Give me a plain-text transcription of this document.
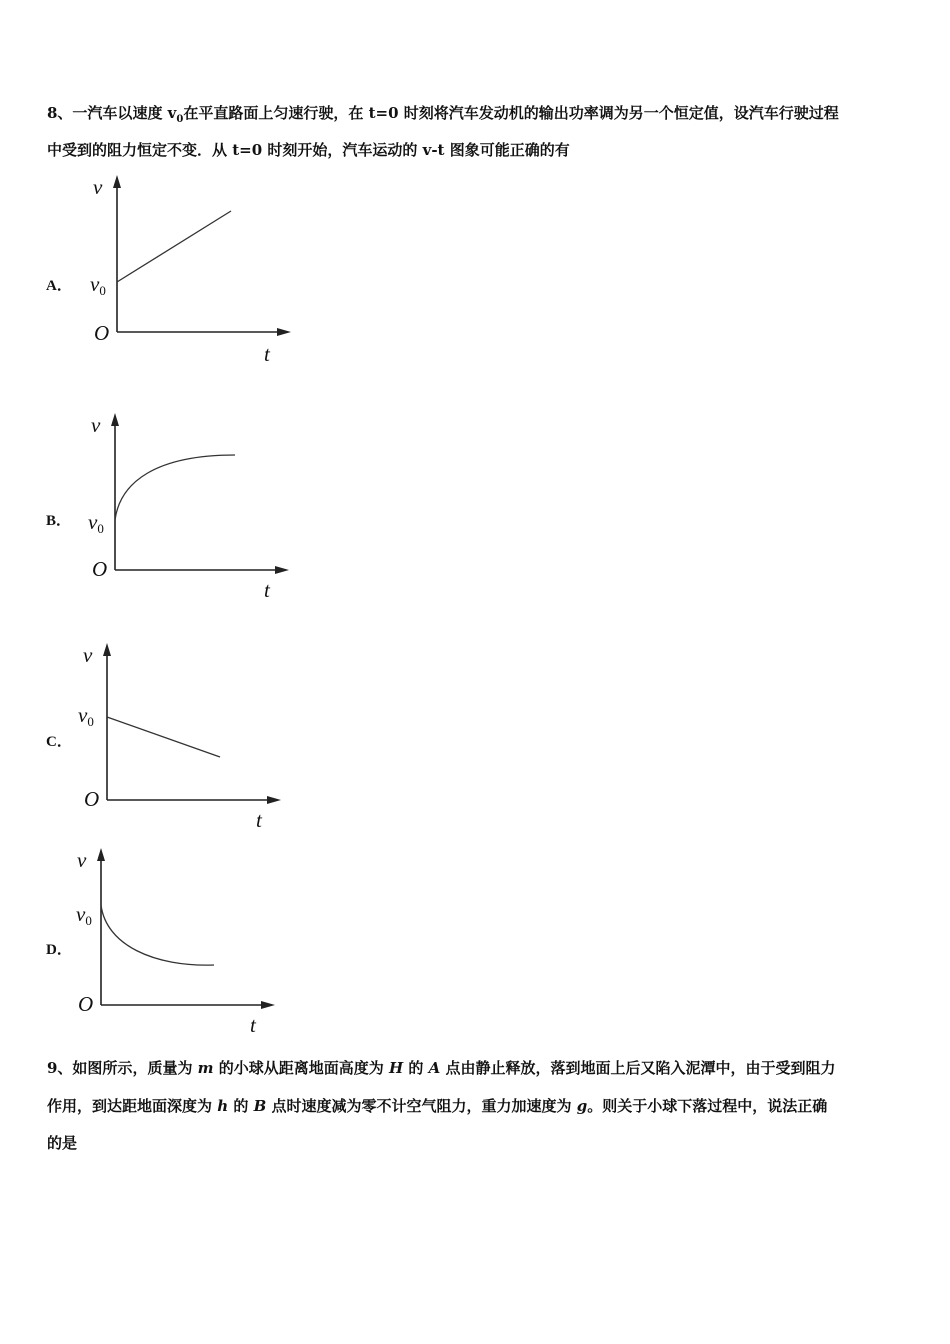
8、一汽车以速度 $v_0$在平直路面上匀速行驶，在 t=0 时刻将汽车发动机的输出功率调为另一个恒定值，设汽车行驶过程
中受到的阻力恒定不变．从 t=0 时刻开始，汽车运动的 v-t 图象可能正确的有
A．
v
v0
O
t
B．
v
v0
O
t
C．
v
v0
O
t
D．
v
v0
O
t
9、如图所示，质量为 m 的小球从距离地面高度为 H 的 A 点由静止释放，落到地面上后又陷入泥潭中，由于受到阻力
作用，到达距地面深度为 h 的 B 点时速度减为零不计空气阻力，重力加速度为 g。则关于小球下落过程中，说法正确
的是
